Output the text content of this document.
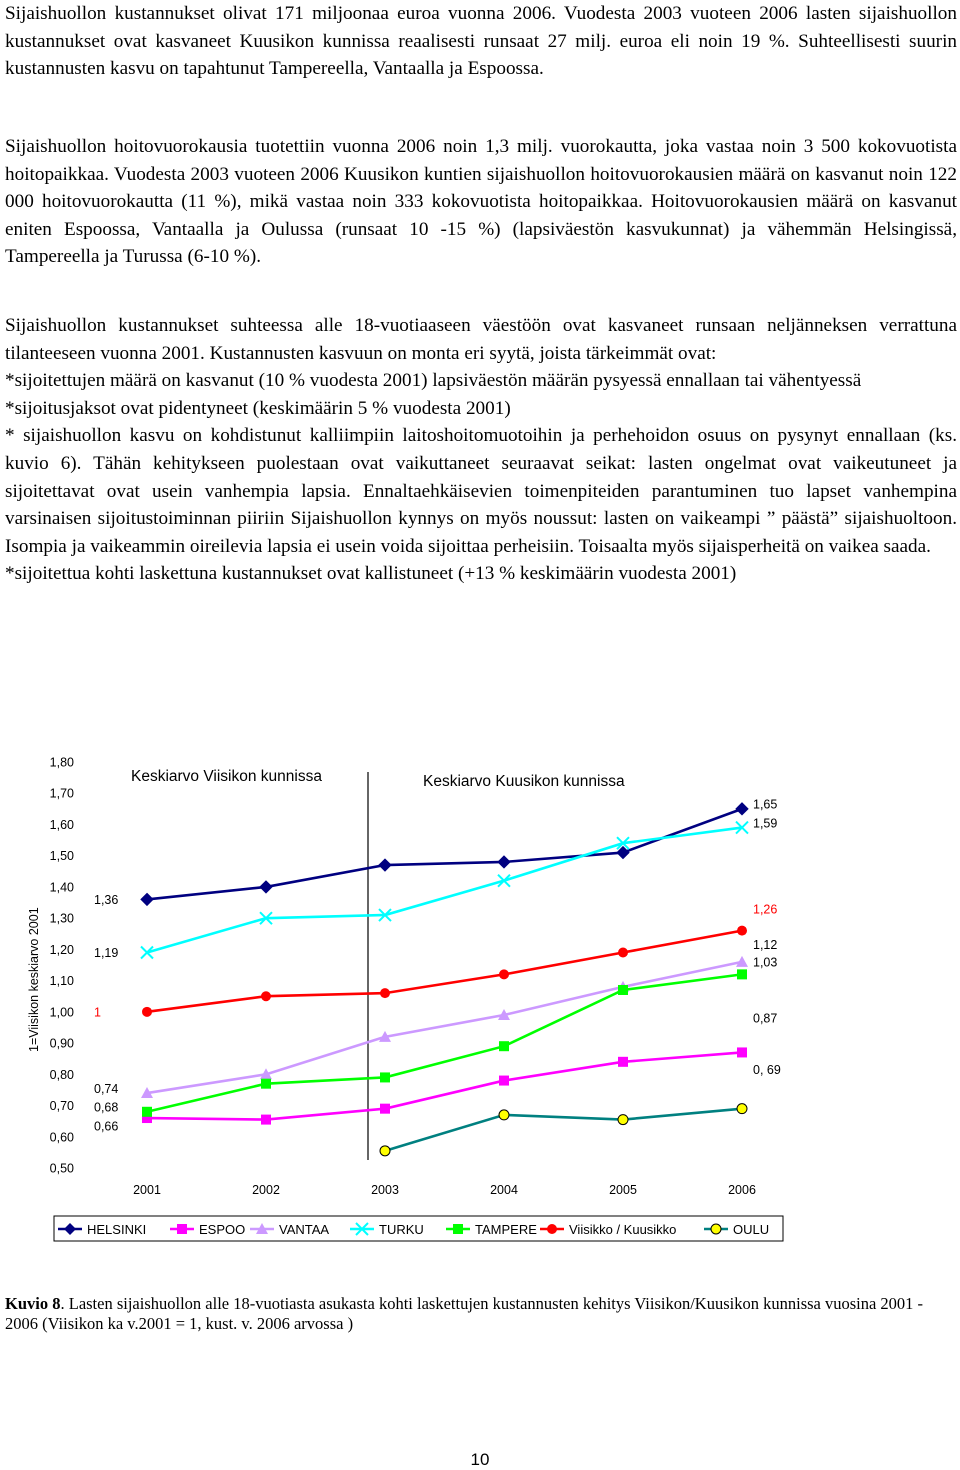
Sijaishuollon kustannukset olivat 171 miljoonaa euroa vuonna 2006. Vuodesta 2003 vuoteen 2006 lasten sijaishuollon kustannukset ovat kasvaneet Kuusikon kunnissa reaalisesti runsaat 27 milj. euroa eli noin 19 %. Suhteellisesti suurin kustannusten kasvu on tapahtunut Tampereella, Vantaalla ja Espoossa.

Sijaishuollon hoitovuorokausia tuotettiin vuonna 2006 noin 1,3 milj. vuorokautta, joka vastaa noin 3 500 kokovuotista hoitopaikkaa. Vuodesta 2003 vuoteen 2006 Kuusikon kuntien sijaishuollon hoitovuorokausien määrä on kasvanut noin 122 000 hoitovuorokautta (11 %), mikä vastaa noin 333 kokovuotista hoitopaikkaa. Hoitovuorokausien määrä on kasvanut eniten Espoossa, Vantaalla ja Oulussa (runsaat 10 -15 %) (lapsiväestön kasvukunnat) ja vähemmän Helsingissä, Tampereella ja Turussa (6-10 %).

Sijaishuollon kustannukset suhteessa alle 18-vuotiaaseen väestöön ovat kasvaneet runsaan neljänneksen verrattuna tilanteeseen vuonna 2001. Kustannusten kasvuun on monta eri syytä, joista tärkeimmät ovat:

*sijoitettujen määrä on kasvanut (10 % vuodesta 2001) lapsiväestön määrän pysyessä ennallaan tai vähentyessä

*sijoitusjaksot ovat pidentyneet (keskimäärin 5 % vuodesta 2001)

* sijaishuollon kasvu on kohdistunut kalliimpiin laitoshoitomuotoihin ja perhehoidon osuus on pysynyt ennallaan (ks. kuvio 6). Tähän kehitykseen puolestaan ovat vaikuttaneet seuraavat seikat: lasten ongelmat ovat vaikeutuneet ja sijoitettavat ovat usein vanhempia lapsia. Ennaltaehkäisevien toimenpiteiden parantuminen tuo lapset vanhempina varsinaisen sijoitustoiminnan piiriin Sijaishuollon kynnys on myös noussut: lasten on vaikeampi ” päästä” sijaishuoltoon. Isompia ja vaikeammin oireilevia lapsia ei usein voida sijoittaa perheisiin. Toisaalta myös sijaisperheitä on vaikea saada.

*sijoitettua kohti laskettuna kustannukset ovat kallistuneet (+13 % keskimäärin vuodesta 2001)

1=Viisikon keskiarvo 2001
0,50
0,60
0,70
0,80
0,90
1,00
1,10
1,20
1,30
1,40
1,50
1,60
1,70
1,80
2001	2002	2003	2004	2005	2006
Keskiarvo Viisikon kunnissa	Keskiarvo Kuusikon kunnissa
1,36
1,19
1
0,74
0,68
0,66
1,65
1,59
1,26
1,12
1,03
0,87
0, 69
HELSINKI	ESPOO	VANTAA	TURKU	TAMPERE Viisikko / Kuusikko	OULU
Kuvio 8. Lasten sijaishuollon alle 18-vuotiasta asukasta kohti laskettujen kustannusten kehitys Viisikon/Kuusikon kunnissa vuosina 2001 - 2006 (Viisikon ka v.2001 = 1, kust. v. 2006 arvossa )
10
